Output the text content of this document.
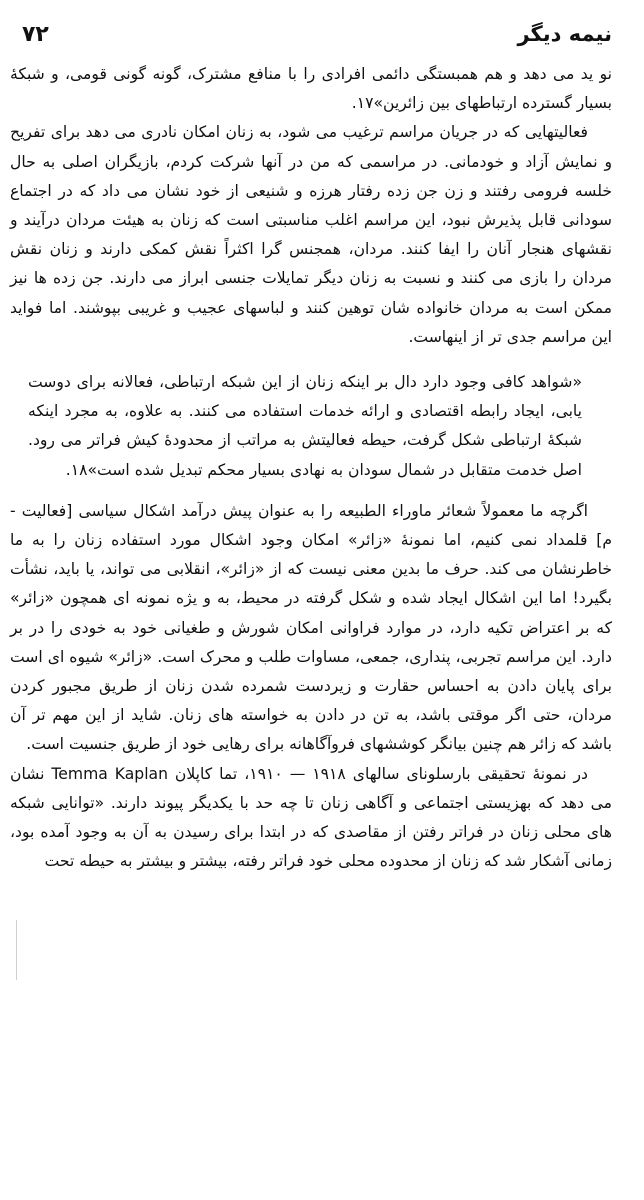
نیمه دیگر
۷۲

نو ید می دهد و هم همبستگی دائمی افرادی را با منافع مشترک، گونه گونی قومی، و شبکهٔ بسیار گسترده ارتباطهای بین زائرین»۱۷.

فعالیتهایی که در جریان مراسم ترغیب می شود، به زنان امکان نادری می دهد برای تفریح و نمایش آزاد و خودمانی. در مراسمی که من در آنها شرکت کردم، بازیگران اصلی به حال خلسه فرومی رفتند و زن جن زده رفتار هرزه و شنیعی از خود نشان می داد که در اجتماع سودانی قابل پذیرش نبود، این مراسم اغلب مناسبتی است که زنان به هیئت مردان درآیند و نقشهای هنجار آنان را ایفا کنند. مردان، همجنس گرا اکثراً نقش کمکی دارند و زنان نقش مردان را بازی می کنند و نسبت به زنان دیگر تمایلات جنسی ابراز می دارند. جن زده ها نیز ممکن است به مردان خانواده شان توهین کنند و لباسهای عجیب و غریبی بپوشند. اما فواید این مراسم جدی تر از اینهاست.

«شواهد کافی وجود دارد دال بر اینکه زنان از این شبکه ارتباطی، فعالانه برای دوست یابی، ایجاد رابطه اقتصادی و ارائه خدمات استفاده می کنند. به علاوه، به مجرد اینکه شبکهٔ ارتباطی شکل گرفت، حیطه فعالیتش به مراتب از محدودهٔ کیش فراتر می رود. اصل خدمت متقابل در شمال سودان به نهادی بسیار محکم تبدیل شده است»۱۸.

اگرچه ما معمولاً شعائر ماوراء الطبیعه را به عنوان پیش درآمد اشکال سیاسی [فعالیت - م] قلمداد نمی کنیم، اما نمونهٔ «زائر» امکان وجود اشکال مورد استفاده زنان را به ما خاطرنشان می کند. حرف ما بدین معنی نیست که از «زائر»، انقلابی می تواند، یا باید، نشأت بگیرد! اما این اشکال ایجاد شده و شکل گرفته در محیط، به و یژه نمونه ای همچون «زائر» که بر اعتراض تکیه دارد، در موارد فراوانی امکان شورش و طغیانی خود به خودی را در بر دارد. این مراسم تجربی، پنداری، جمعی، مساوات طلب و محرک است. «زائر» شیوه ای است برای پایان دادن به احساس حقارت و زیردست شمرده شدن زنان از طریق مجبور کردن مردان، حتی اگر موقتی باشد، به تن در دادن به خواسته های زنان. شاید از این مهم تر آن باشد که زائر هم چنین بیانگر کوششهای فروآگاهانه برای رهایی خود از طریق جنسیت است.

در نمونهٔ تحقیقی بارسلونای سالهای ۱۹۱۸ — ۱۹۱۰، تما کاپلان Temma Kaplan نشان می دهد که بهزیستی اجتماعی و آگاهی زنان تا چه حد با یکدیگر پیوند دارند. «توانایی شبکه های محلی زنان در فراتر رفتن از مقاصدی که در ابتدا برای رسیدن به آن به وجود آمده بود، زمانی آشکار شد که زنان از محدوده محلی خود فراتر رفته، بیشتر و بیشتر به حیطه تحت
